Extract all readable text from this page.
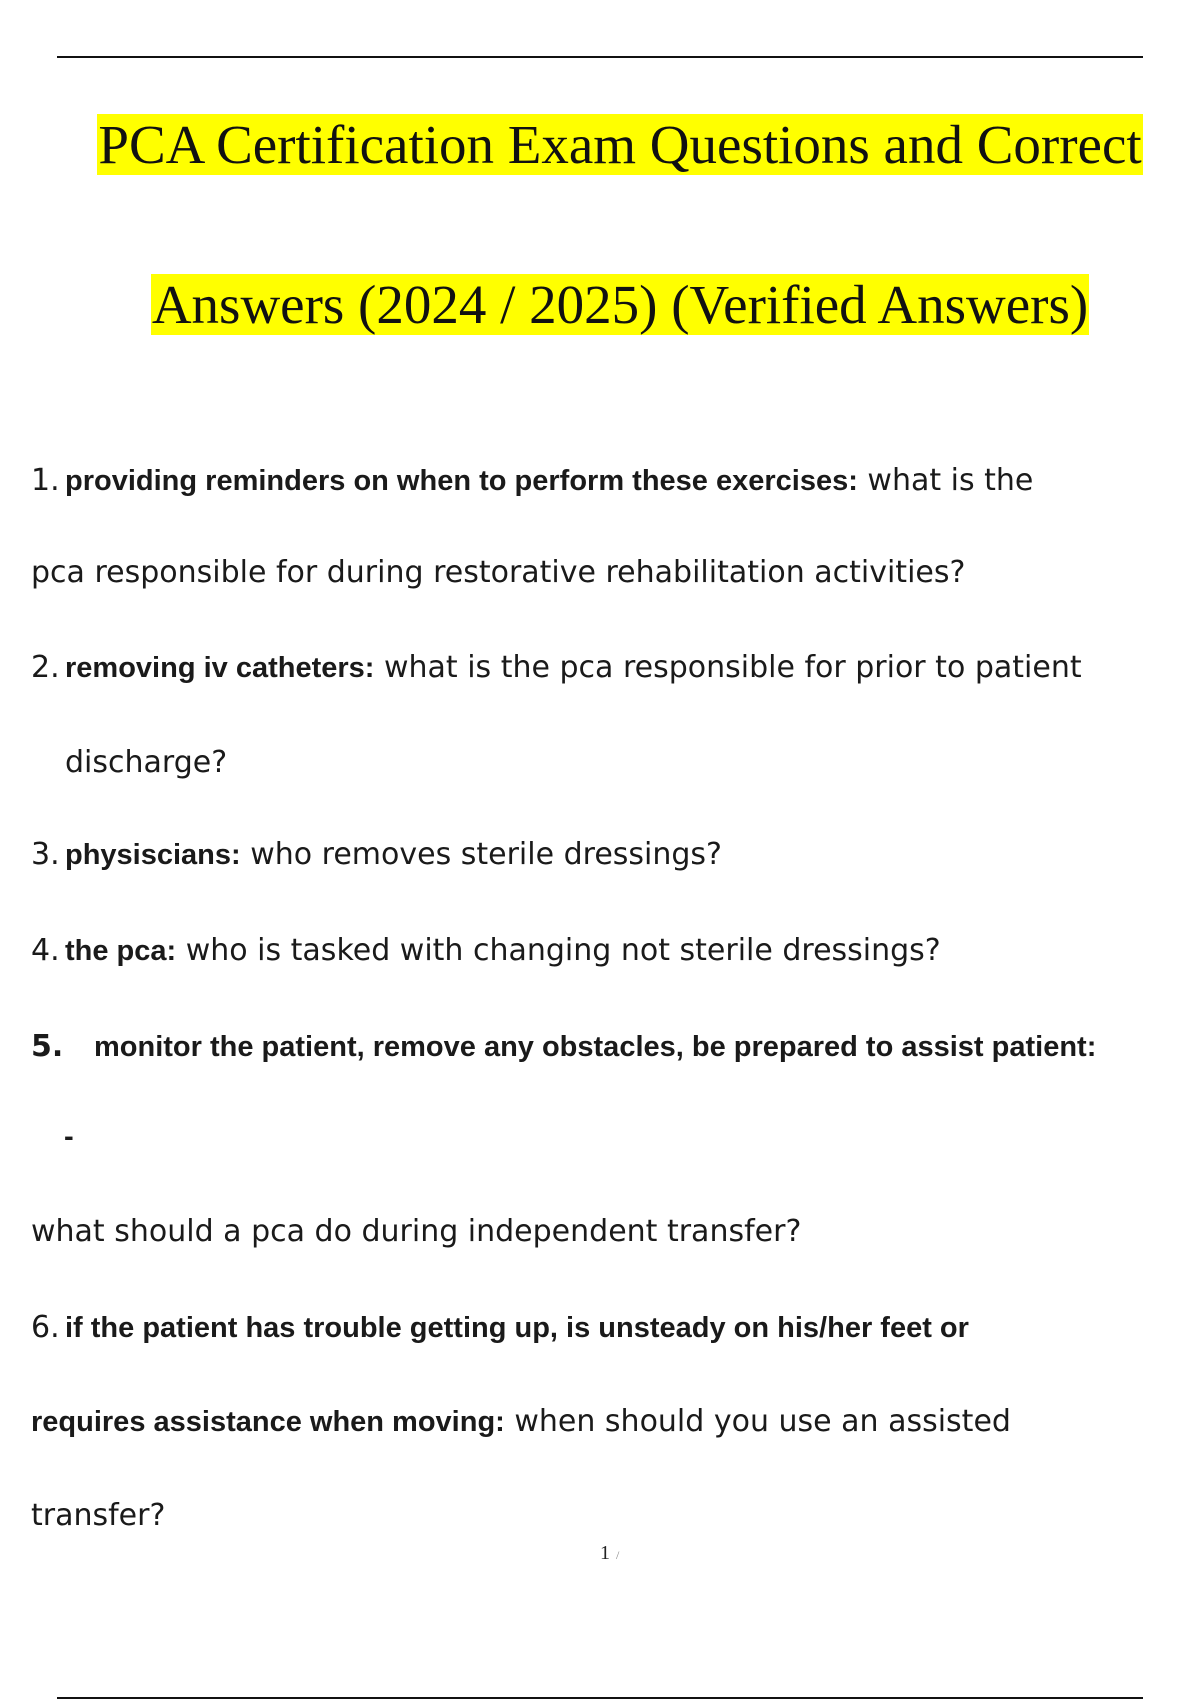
PCA Certification Exam Questions and Correct
Answers (2024 / 2025) (Verified Answers)
1. providing reminders on when to perform these exercises: what is the
pca responsible for during restorative rehabilitation activities?
2. removing iv catheters: what is the pca responsible for prior to patient
discharge?
3. physiscians: who removes sterile dressings?
4. the pca: who is tasked with changing not sterile dressings?
5. monitor the patient, remove any obstacles, be prepared to assist patient:
-
what should a pca do during independent transfer?
6. if the patient has trouble getting up, is unsteady on his/her feet or
requires assistance when moving: when should you use an assisted
transfer?
1 /
